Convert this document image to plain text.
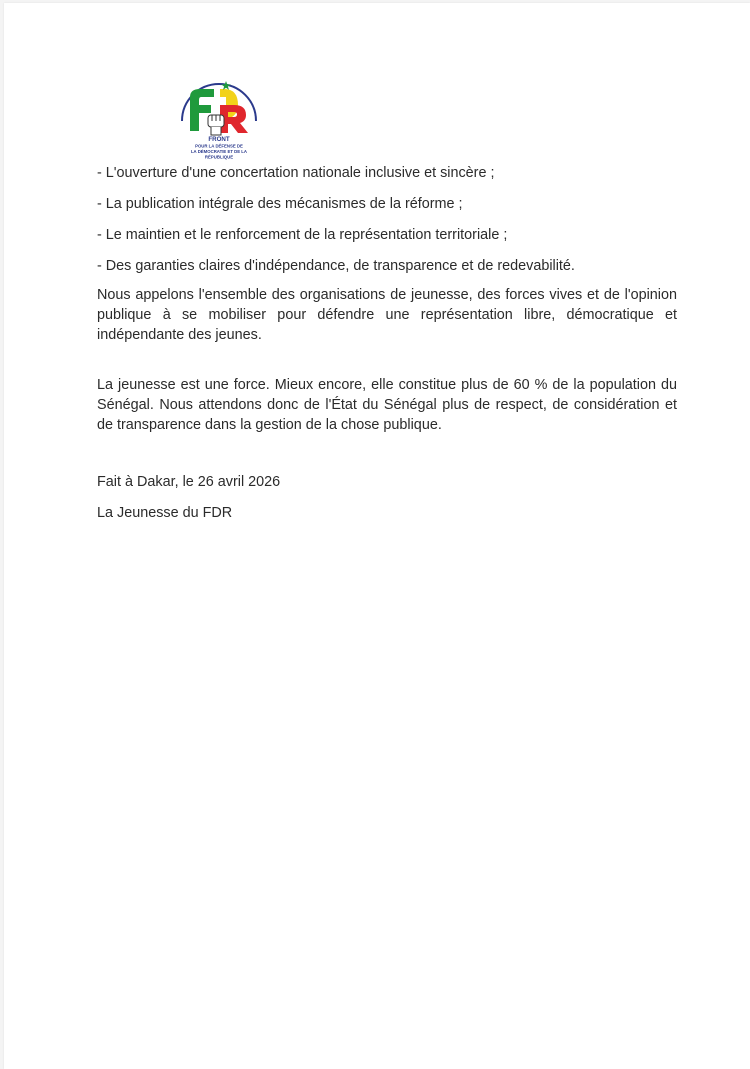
FRONT
POUR LA DÉFENSE DE
LA DÉMOCRATIE ET DE LA
RÉPUBLIQUE

- L'ouverture d'une concertation nationale inclusive et sincère ;

- La publication intégrale des mécanismes de la réforme ;

- Le maintien et le renforcement de la représentation territoriale ;

- Des garanties claires d'indépendance, de transparence et de redevabilité.

Nous appelons l'ensemble des organisations de jeunesse, des forces vives et de l'opinion publique à se mobiliser pour défendre une représentation libre, démocratique et indépendante des jeunes.

La jeunesse est une force. Mieux encore, elle constitue plus de 60 % de la population du Sénégal. Nous attendons donc de l'État du Sénégal plus de respect, de considération et de transparence dans la gestion de la chose publique.

Fait à Dakar, le 26 avril 2026

La Jeunesse du FDR
